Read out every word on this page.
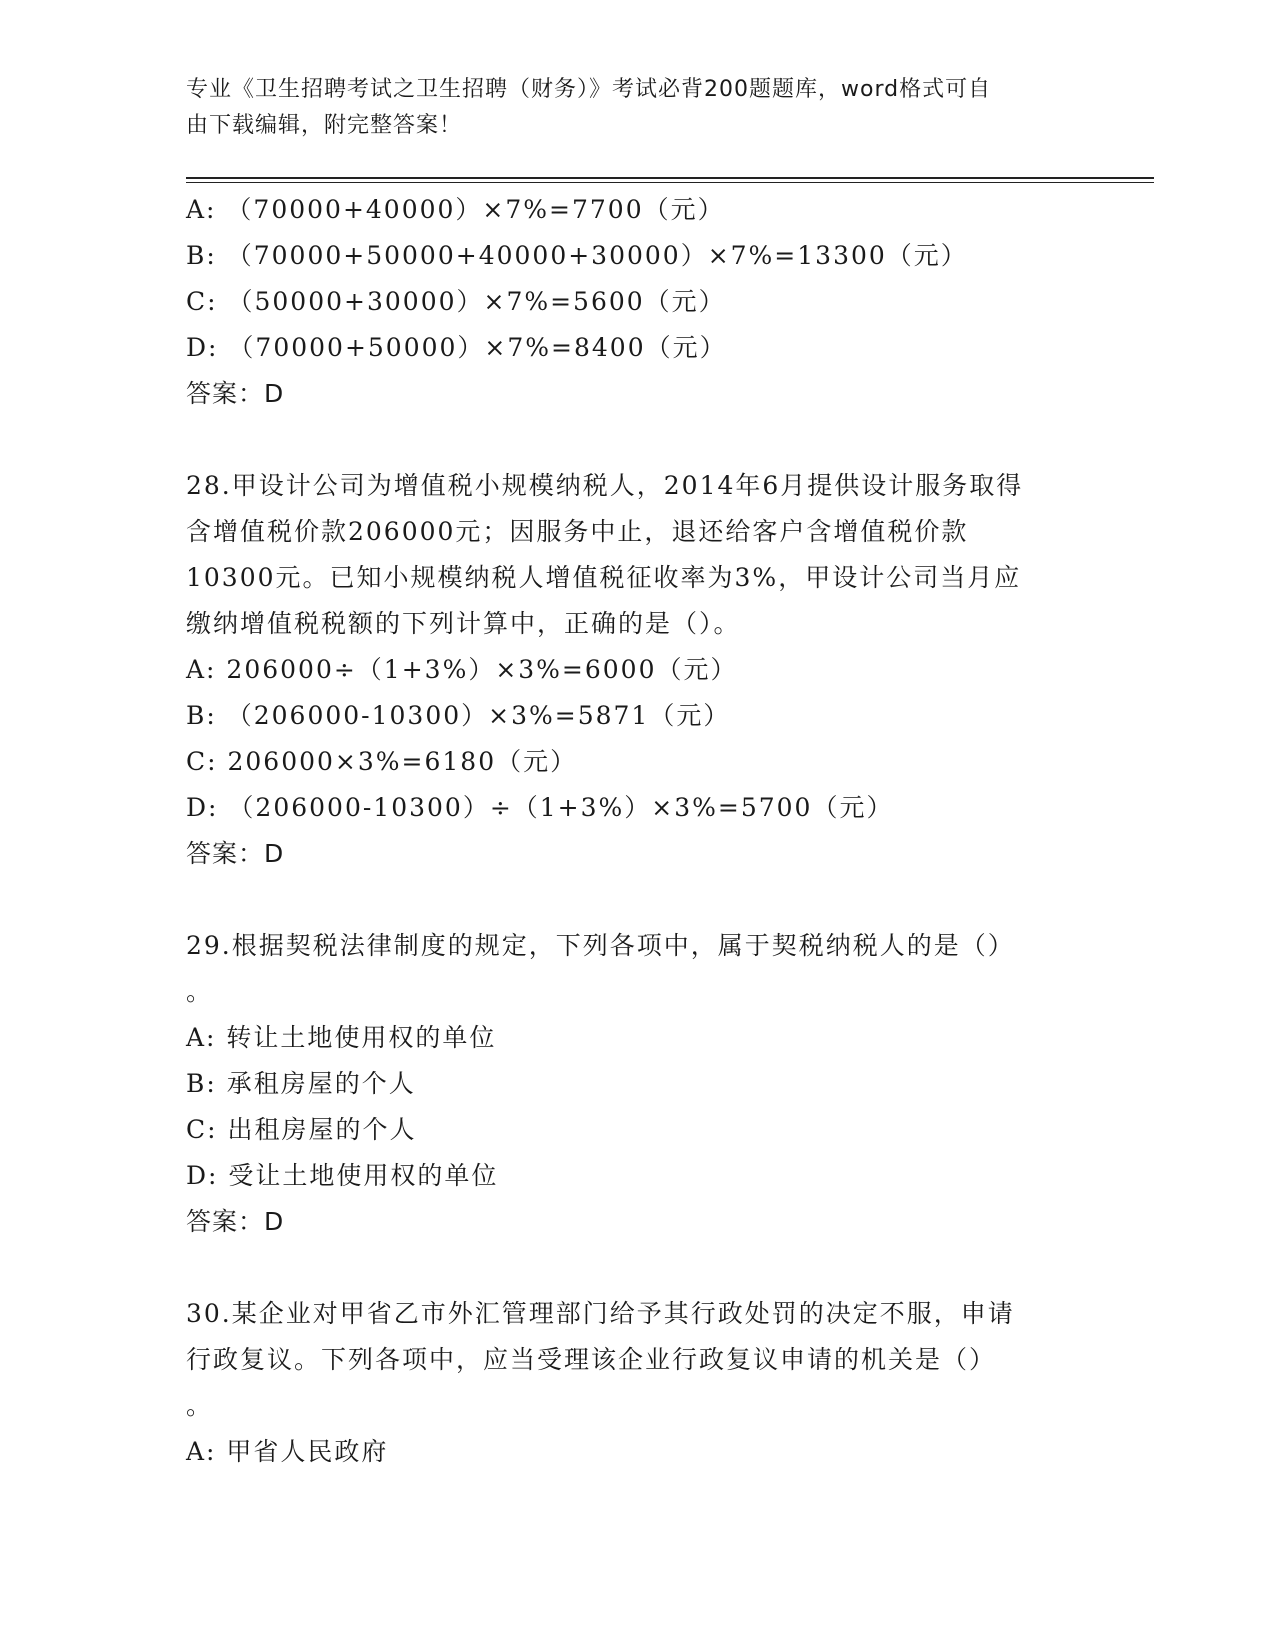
专业《卫生招聘考试之卫生招聘（财务）》考试必背200题题库，word格式可自
由下载编辑，附完整答案！
A: （70000+40000）×7%=7700（元）
B: （70000+50000+40000+30000）×7%=13300（元）
C: （50000+30000）×7%=5600（元）
D: （70000+50000）×7%=8400（元）
答案：D
28.甲设计公司为增值税小规模纳税人，2014年6月提供设计服务取得
含增值税价款206000元；因服务中止，退还给客户含增值税价款
10300元。已知小规模纳税人增值税征收率为3%，甲设计公司当月应
缴纳增值税税额的下列计算中，正确的是（）。
A: 206000÷（1+3%）×3%=6000（元）
B: （206000-10300）×3%=5871（元）
C: 206000×3%=6180（元）
D: （206000-10300）÷（1+3%）×3%=5700（元）
答案：D
29.根据契税法律制度的规定，下列各项中，属于契税纳税人的是（）
。
A: 转让土地使用权的单位
B: 承租房屋的个人
C: 出租房屋的个人
D: 受让土地使用权的单位
答案：D
30.某企业对甲省乙市外汇管理部门给予其行政处罚的决定不服，申请
行政复议。下列各项中，应当受理该企业行政复议申请的机关是（）
。
A: 甲省人民政府
